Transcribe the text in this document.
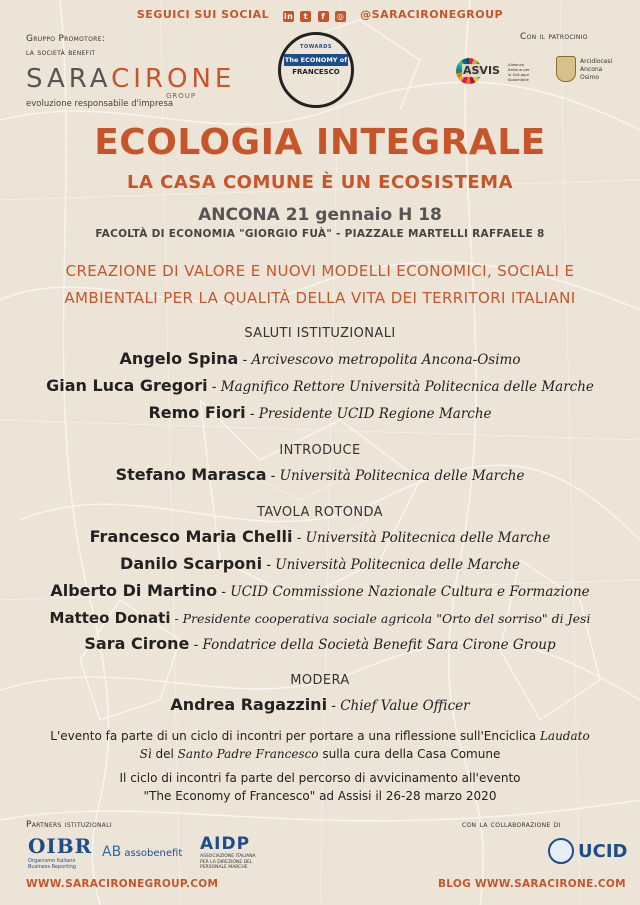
SEGUICI SUI SOCIAL in t f ◎ @SARACIRONEGROUP
Gruppo Promotore:
la società benefit
SARACIRONE
GROUP
evoluzione responsabile d'impresa
TOWARDS
The ECONOMY of
FRANCESCO
Con il patrocinio
ASVIS Alleanza Italiana per lo Sviluppo Sostenibile
Arcidiocesi
Ancona
Osimo
ECOLOGIA INTEGRALE
LA CASA COMUNE È UN ECOSISTEMA
ANCONA 21 gennaio H 18
FACOLTÀ DI ECONOMIA "GIORGIO FUÀ" - PIAZZALE MARTELLI RAFFAELE 8
CREAZIONE DI VALORE E NUOVI MODELLI ECONOMICI, SOCIALI E
AMBIENTALI PER LA QUALITÀ DELLA VITA DEI TERRITORI ITALIANI
SALUTI ISTITUZIONALI
Angelo Spina - Arcivescovo metropolita Ancona-Osimo
Gian Luca Gregori - Magnifico Rettore Università Politecnica delle Marche
Remo Fiori - Presidente UCID Regione Marche
INTRODUCE
Stefano Marasca - Università Politecnica delle Marche
TAVOLA ROTONDA
Francesco Maria Chelli - Università Politecnica delle Marche
Danilo Scarponi - Università Politecnica delle Marche
Alberto Di Martino - UCID Commissione Nazionale Cultura e Formazione
Matteo Donati - Presidente cooperativa sociale agricola "Orto del sorriso" di Jesi
Sara Cirone - Fondatrice della Società Benefit Sara Cirone Group
MODERA
Andrea Ragazzini - Chief Value Officer
L'evento fa parte di un ciclo di incontri per portare a una riflessione sull'Enciclica Laudato
Sì del Santo Padre Francesco sulla cura della Casa Comune
Il ciclo di incontri fa parte del percorso di avvicinamento all'evento
"The Economy of Francesco" ad Assisi il 26-28 marzo 2020
Partners istituzionali	con la collaborazione di
OIBR
Organismo Italiano Business Reporting
AB assobenefit AIDP
ASSOCIAZIONE ITALIANA PER LA DIREZIONE DEL PERSONALE MARCHE
UCID
WWW.SARACIRONEGROUP.COM	BLOG WWW.SARACIRONE.COM
